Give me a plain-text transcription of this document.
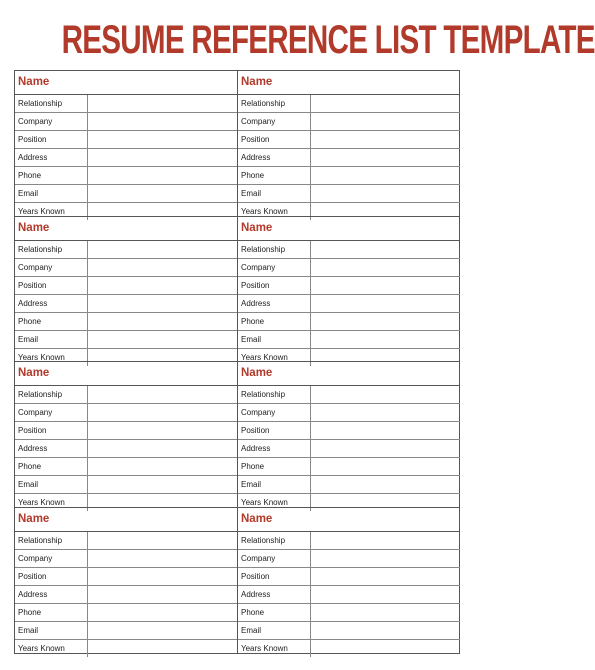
RESUME REFERENCE LIST TEMPLATE
Name
Relationship
Company
Position
Address
Phone
Email
Years Known
Name
Relationship
Company
Position
Address
Phone
Email
Years Known
Name
Relationship
Company
Position
Address
Phone
Email
Years Known
Name
Relationship
Company
Position
Address
Phone
Email
Years Known
Name
Relationship
Company
Position
Address
Phone
Email
Years Known
Name
Relationship
Company
Position
Address
Phone
Email
Years Known
Name
Relationship
Company
Position
Address
Phone
Email
Years Known
Name
Relationship
Company
Position
Address
Phone
Email
Years Known
